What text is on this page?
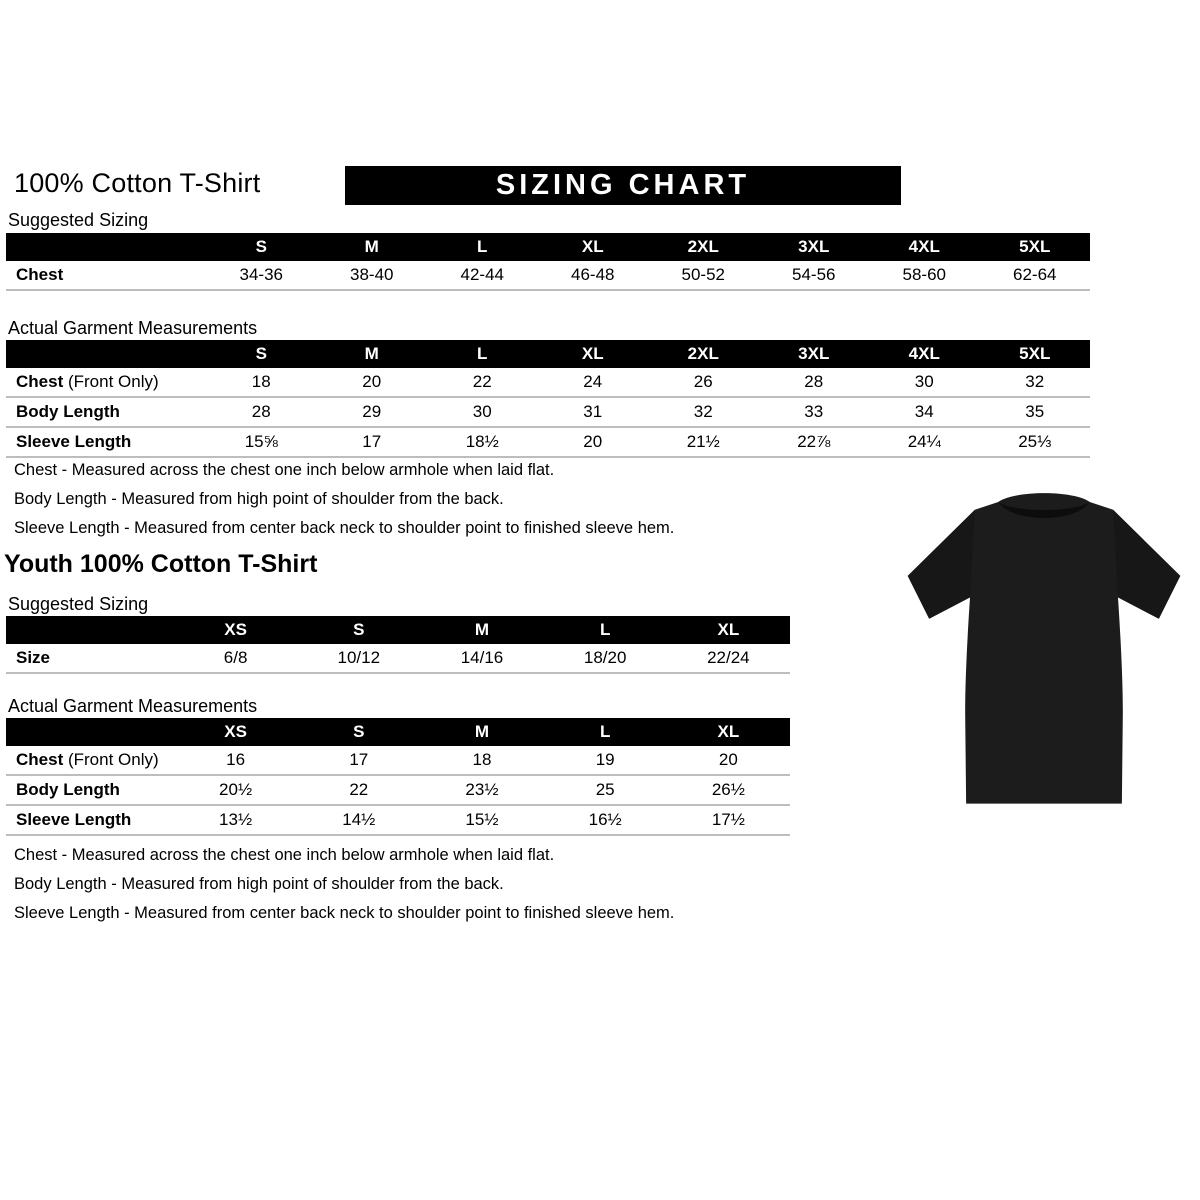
100% Cotton T-Shirt	SIZING CHART
Suggested Sizing
	S	M	L	XL	2XL	3XL	4XL	5XL
Chest	34-36	38-40	42-44	46-48	50-52	54-56	58-60	62-64
Actual Garment Measurements
	S	M	L	XL	2XL	3XL	4XL	5XL
Chest (Front Only)	18	20	22	24	26	28	30	32
Body Length	28	29	30	31	32	33	34	35
Sleeve Length	15⅝	17	18½	20	21½	22⅞	24¼	25⅓

Chest - Measured across the chest one inch below armhole when laid flat.

Body Length - Measured from high point of shoulder from the back.

Sleeve Length - Measured from center back neck to shoulder point to finished sleeve hem.

Youth 100% Cotton T-Shirt
Suggested Sizing
	XS	S	M	L	XL
Size	6/8	10/12	14/16	18/20	22/24
Actual Garment Measurements
	XS	S	M	L	XL
Chest (Front Only)	16	17	18	19	20
Body Length	20½	22	23½	25	26½
Sleeve Length	13½	14½	15½	16½	17½

Chest - Measured across the chest one inch below armhole when laid flat.

Body Length - Measured from high point of shoulder from the back.

Sleeve Length - Measured from center back neck to shoulder point to finished sleeve hem.
